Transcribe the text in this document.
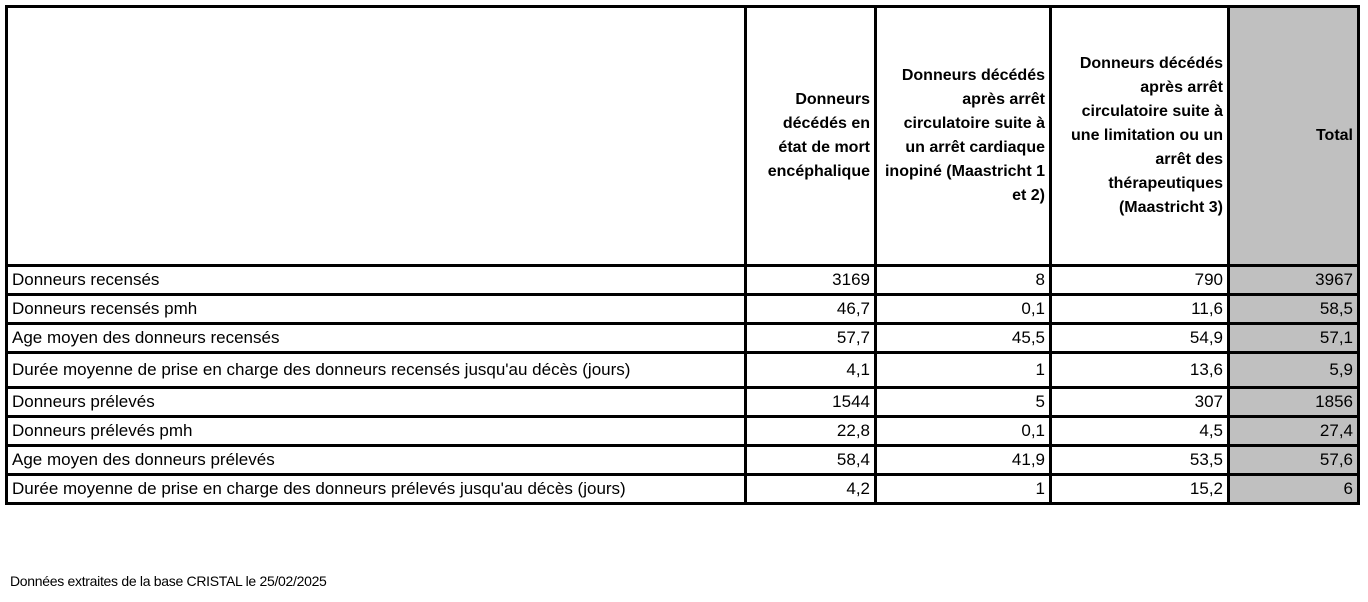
	Donneurs décédés en état de mort encéphalique	Donneurs décédés après arrêt circulatoire suite à un arrêt cardiaque inopiné (Maastricht 1 et 2)	Donneurs décédés après arrêt circulatoire suite à une limitation ou un arrêt des thérapeutiques (Maastricht 3)	Total
Donneurs recensés	3169	8	790	3967
Donneurs recensés pmh	46,7	0,1	11,6	58,5
Age moyen des donneurs recensés	57,7	45,5	54,9	57,1
Durée moyenne de prise en charge des donneurs recensés jusqu'au décès (jours)	4,1	1	13,6	5,9
Donneurs prélevés	1544	5	307	1856
Donneurs prélevés pmh	22,8	0,1	4,5	27,4
Age moyen des donneurs prélevés	58,4	41,9	53,5	57,6
Durée moyenne de prise en charge des donneurs prélevés jusqu'au décès (jours)	4,2	1	15,2	6
Données extraites de la base CRISTAL le 25/02/2025
